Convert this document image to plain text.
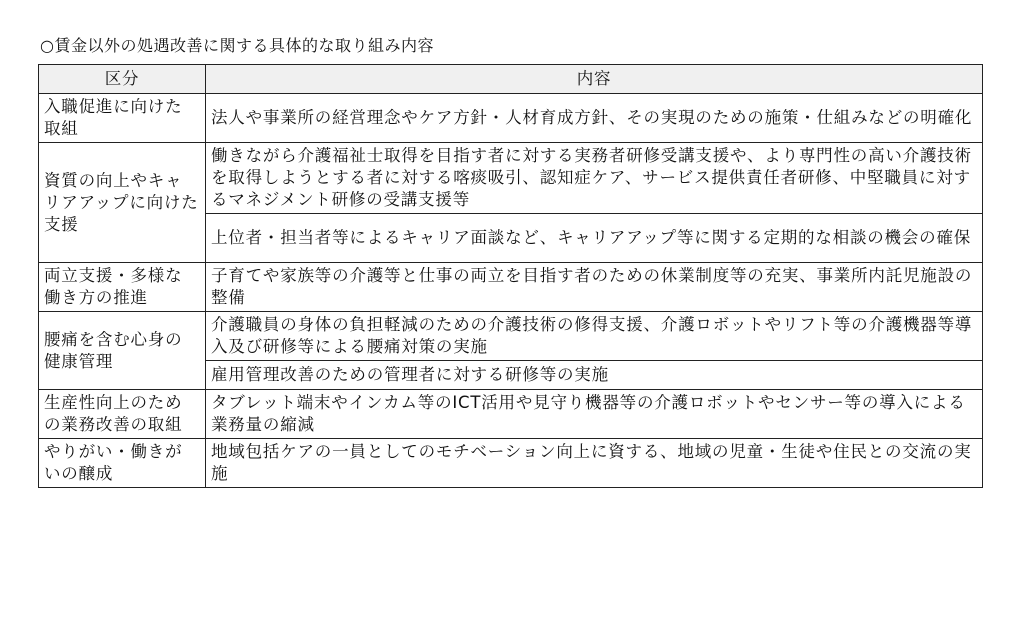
○賃金以外の処遇改善に関する具体的な取り組み内容
区分	内容
入職促進に向けた取組	法人や事業所の経営理念やケア方針・人材育成方針、その実現のための施策・仕組みなどの明確化
資質の向上やキャリアアップに向けた支援	働きながら介護福祉士取得を目指す者に対する実務者研修受講支援や、より専門性の高い介護技術を取得しようとする者に対する喀痰吸引、認知症ケア、サービス提供責任者研修、中堅職員に対するマネジメント研修の受講支援等
	上位者・担当者等によるキャリア面談など、キャリアアップ等に関する定期的な相談の機会の確保
両立支援・多様な働き方の推進	子育てや家族等の介護等と仕事の両立を目指す者のための休業制度等の充実、事業所内託児施設の整備
腰痛を含む心身の健康管理	介護職員の身体の負担軽減のための介護技術の修得支援、介護ロボットやリフト等の介護機器等導入及び研修等による腰痛対策の実施
	雇用管理改善のための管理者に対する研修等の実施
生産性向上のための業務改善の取組	タブレット端末やインカム等のICT活用や見守り機器等の介護ロボットやセンサー等の導入による業務量の縮減
やりがい・働きがいの醸成	地域包括ケアの一員としてのモチベーション向上に資する、地域の児童・生徒や住民との交流の実施
